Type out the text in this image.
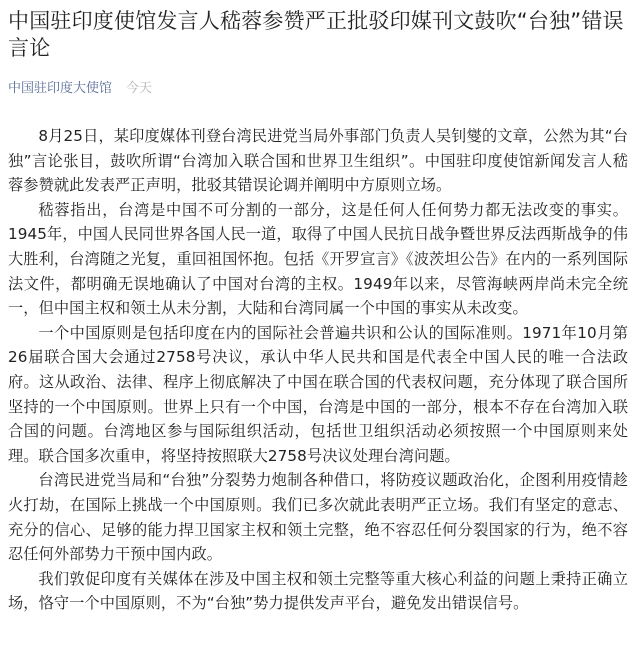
中国驻印度使馆发言人嵇蓉参赞严正批驳印媒刊文鼓吹“台独”错误言论
中国驻印度大使馆 今天

8月25日，某印度媒体刊登台湾民进党当局外事部门负责人吴钊燮的文章，公然为其“台独”言论张目，鼓吹所谓“台湾加入联合国和世界卫生组织”。中国驻印度使馆新闻发言人嵇蓉参赞就此发表严正声明，批驳其错误论调并阐明中方原则立场。

嵇蓉指出，台湾是中国不可分割的一部分，这是任何人任何势力都无法改变的事实。1945年，中国人民同世界各国人民一道，取得了中国人民抗日战争暨世界反法西斯战争的伟大胜利，台湾随之光复，重回祖国怀抱。包括《开罗宣言》《波茨坦公告》在内的一系列国际法文件，都明确无误地确认了中国对台湾的主权。1949年以来，尽管海峡两岸尚未完全统一，但中国主权和领土从未分割，大陆和台湾同属一个中国的事实从未改变。

一个中国原则是包括印度在内的国际社会普遍共识和公认的国际准则。1971年10月第26届联合国大会通过2758号决议，承认中华人民共和国是代表全中国人民的唯一合法政府。这从政治、法律、程序上彻底解决了中国在联合国的代表权问题，充分体现了联合国所坚持的一个中国原则。世界上只有一个中国，台湾是中国的一部分，根本不存在台湾加入联合国的问题。台湾地区参与国际组织活动，包括世卫组织活动必须按照一个中国原则来处理。联合国多次重申，将坚持按照联大2758号决议处理台湾问题。

台湾民进党当局和“台独”分裂势力炮制各种借口，将防疫议题政治化，企图利用疫情趁火打劫，在国际上挑战一个中国原则。我们已多次就此表明严正立场。我们有坚定的意志、充分的信心、足够的能力捍卫国家主权和领土完整，绝不容忍任何分裂国家的行为，绝不容忍任何外部势力干预中国内政。

我们敦促印度有关媒体在涉及中国主权和领土完整等重大核心利益的问题上秉持正确立场，恪守一个中国原则，不为“台独”势力提供发声平台，避免发出错误信号。
